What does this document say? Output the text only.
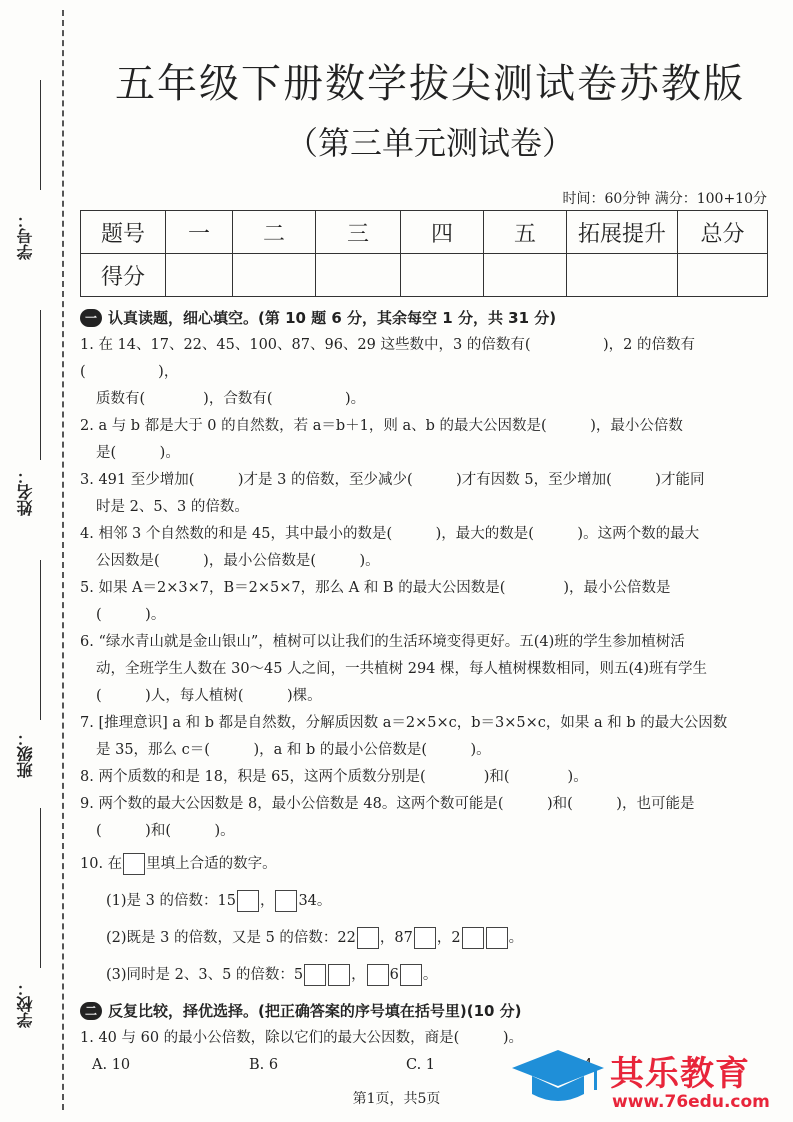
学号：
姓名：
班级：
学校：
五年级下册数学拔尖测试卷苏教版
（第三单元测试卷）
时间：60分钟 满分：100+10分
题号	一	二	三	四	五	拓展提升	总分
得分							
一 认真读题，细心填空。(第 10 题 6 分，其余每空 1 分，共 31 分)

1. 在 14、17、22、45、100、87、96、29 这些数中，3 的倍数有(　　　　　)，2 的倍数有(　　　　　)，

质数有(　　　　)，合数有(　　　　　)。

2. a 与 b 都是大于 0 的自然数，若 a＝b＋1，则 a、b 的最大公因数是(　　　)，最小公倍数

是(　　　)。

3. 491 至少增加(　　　)才是 3 的倍数，至少减少(　　　)才有因数 5，至少增加(　　　)才能同

时是 2、5、3 的倍数。

4. 相邻 3 个自然数的和是 45，其中最小的数是(　　　)，最大的数是(　　　)。这两个数的最大

公因数是(　　　)，最小公倍数是(　　　)。

5. 如果 A＝2×3×7，B＝2×5×7，那么 A 和 B 的最大公因数是(　　　　)，最小公倍数是

(　　　)。

6. “绿水青山就是金山银山”，植树可以让我们的生活环境变得更好。五(4)班的学生参加植树活

动，全班学生人数在 30～45 人之间，一共植树 294 棵，每人植树棵数相同，则五(4)班有学生

(　　　)人，每人植树(　　　)棵。

7. [推理意识] a 和 b 都是自然数，分解质因数 a＝2×5×c，b＝3×5×c，如果 a 和 b 的最大公因数

是 35，那么 c＝(　　　)，a 和 b 的最小公倍数是(　　　)。

8. 两个质数的和是 18，积是 65，这两个质数分别是(　　　　)和(　　　　)。

9. 两个数的最大公因数是 8，最小公倍数是 48。这两个数可能是(　　　)和(　　　)，也可能是

(　　　)和(　　　)。

10. 在 里填上合适的数字。

(1)是 3 的倍数：15 ， 34。

(2)既是 3 的倍数，又是 5 的倍数：22 ，87 ，2	。

(3)同时是 2、3、5 的倍数：5	， 6 。

二 反复比较，择优选择。(把正确答案的序号填在括号里)(10 分)

1. 40 与 60 的最小公倍数，除以它们的最大公因数，商是(　　　)。

A. 10	B. 6	C. 1	其乐教育
www.76edu.com
第1页，共5页
